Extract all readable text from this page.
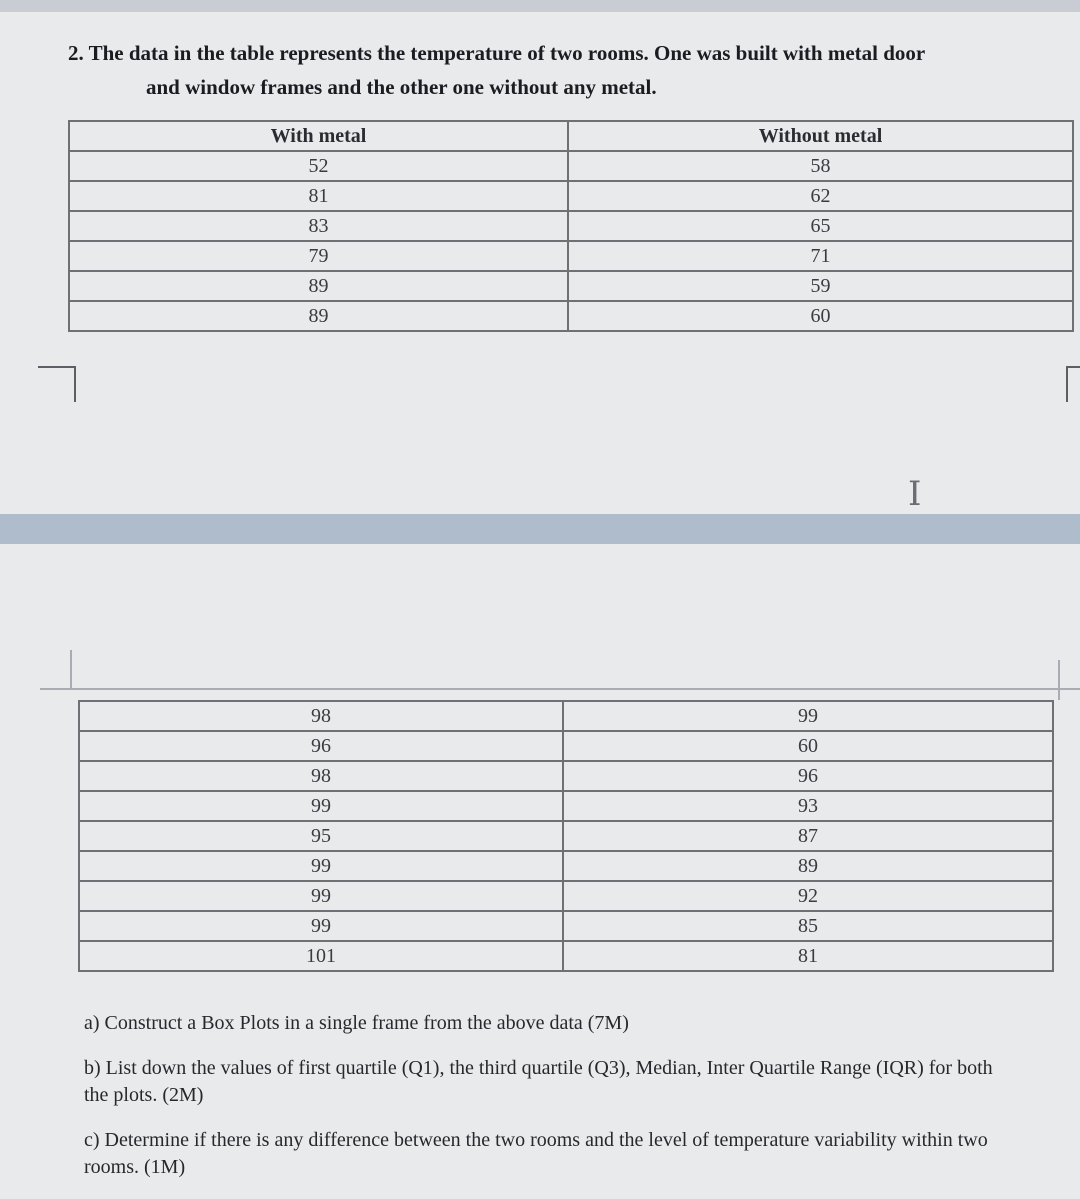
2. The data in the table represents the temperature of two rooms. One was built with metal door
and window frames and the other one without any metal.
With metal	Without metal
52	58
81	62
83	65
79	71
89	59
89	60
I
98	99
96	60
98	96
99	93
95	87
99	89
99	92
99	85
101	81

a) Construct a Box Plots in a single frame from the above data (7M)

b) List down the values of first quartile (Q1), the third quartile (Q3), Median, Inter Quartile Range (IQR) for both the plots. (2M)

c) Determine if there is any difference between the two rooms and the level of temperature variability within two rooms. (1M)
